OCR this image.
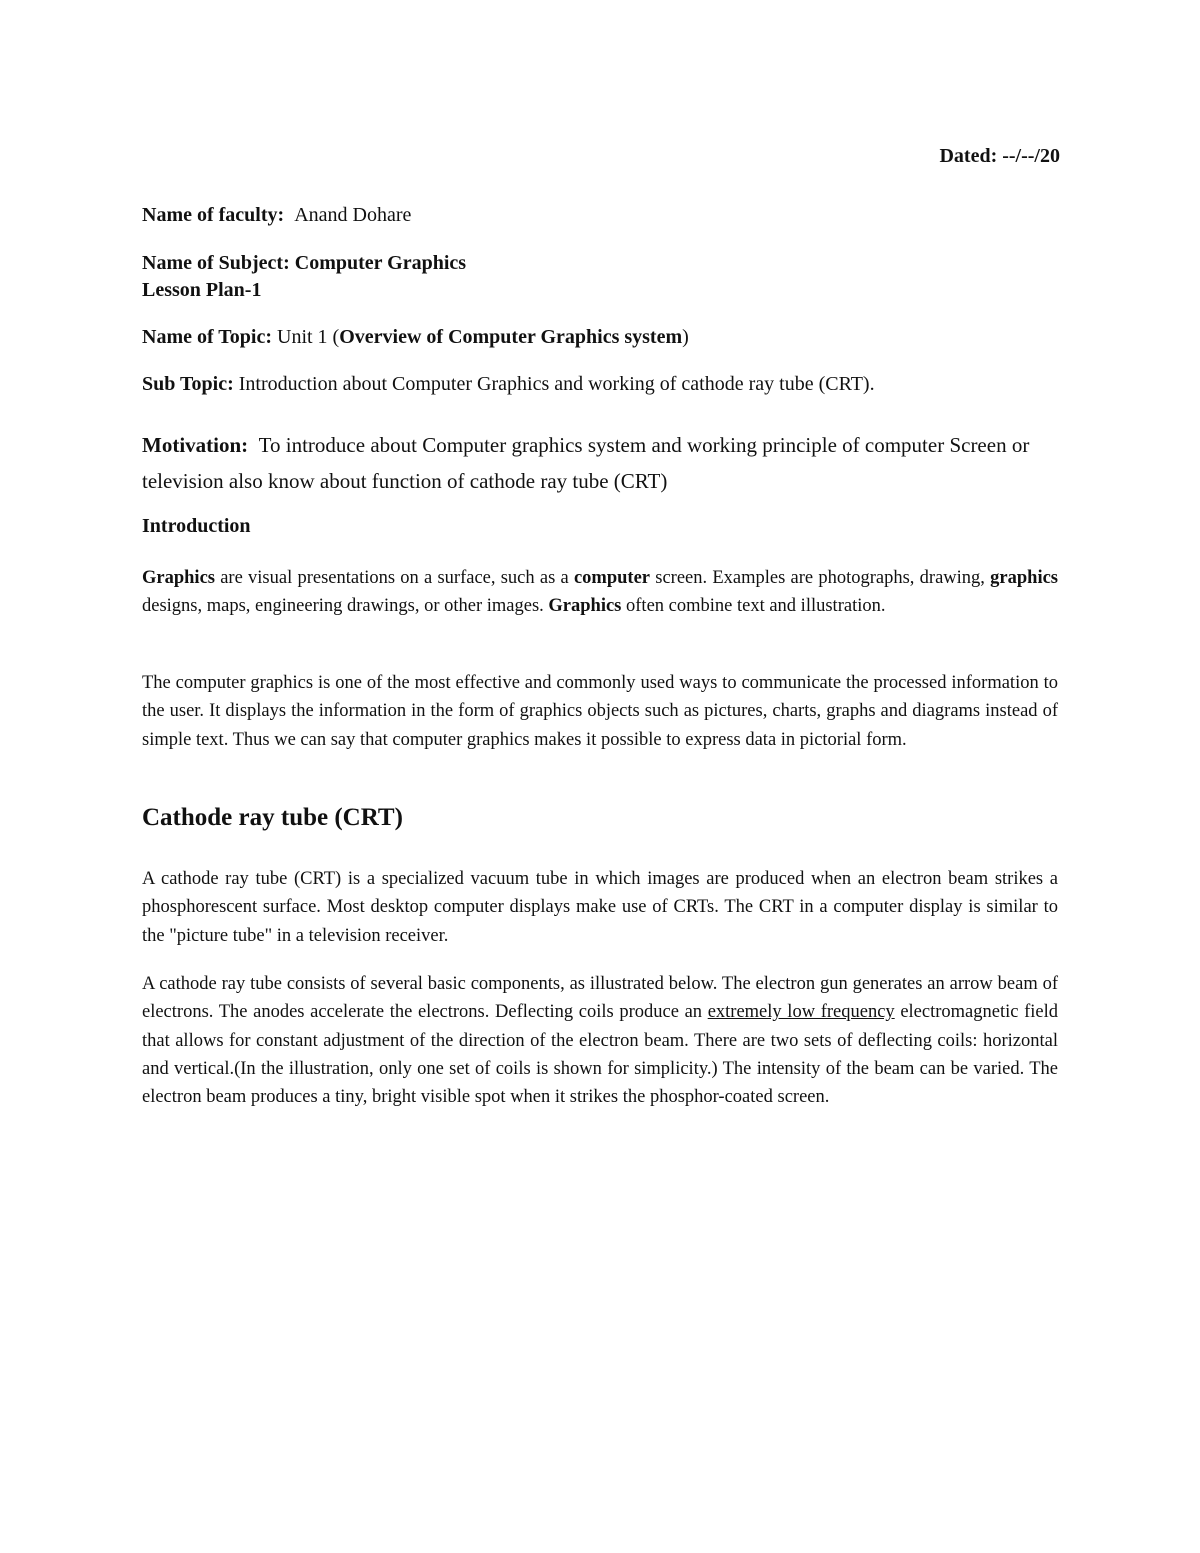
Dated: --/--/20
Name of faculty: Anand Dohare
Name of Subject: Computer Graphics
Lesson Plan-1
Name of Topic: Unit 1 (Overview of Computer Graphics system)
Sub Topic: Introduction about Computer Graphics and working of cathode ray tube (CRT).

Motivation: To introduce about Computer graphics system and working principle of computer Screen or television also know about function of cathode ray tube (CRT)

Introduction

Graphics are visual presentations on a surface, such as a computer screen. Examples are photographs, drawing, graphics designs, maps, engineering drawings, or other images. Graphics often combine text and illustration.

The computer graphics is one of the most effective and commonly used ways to communicate the processed information to the user. It displays the information in the form of graphics objects such as pictures, charts, graphs and diagrams instead of simple text. Thus we can say that computer graphics makes it possible to express data in pictorial form.

Cathode ray tube (CRT)

A cathode ray tube (CRT) is a specialized vacuum tube in which images are produced when an electron beam strikes a phosphorescent surface. Most desktop computer displays make use of CRTs. The CRT in a computer display is similar to the "picture tube" in a television receiver.

A cathode ray tube consists of several basic components, as illustrated below. The electron gun generates an arrow beam of electrons. The anodes accelerate the electrons. Deflecting coils produce an extremely low frequency electromagnetic field that allows for constant adjustment of the direction of the electron beam. There are two sets of deflecting coils: horizontal and vertical.(In the illustration, only one set of coils is shown for simplicity.) The intensity of the beam can be varied. The electron beam produces a tiny, bright visible spot when it strikes the phosphor-coated screen.
